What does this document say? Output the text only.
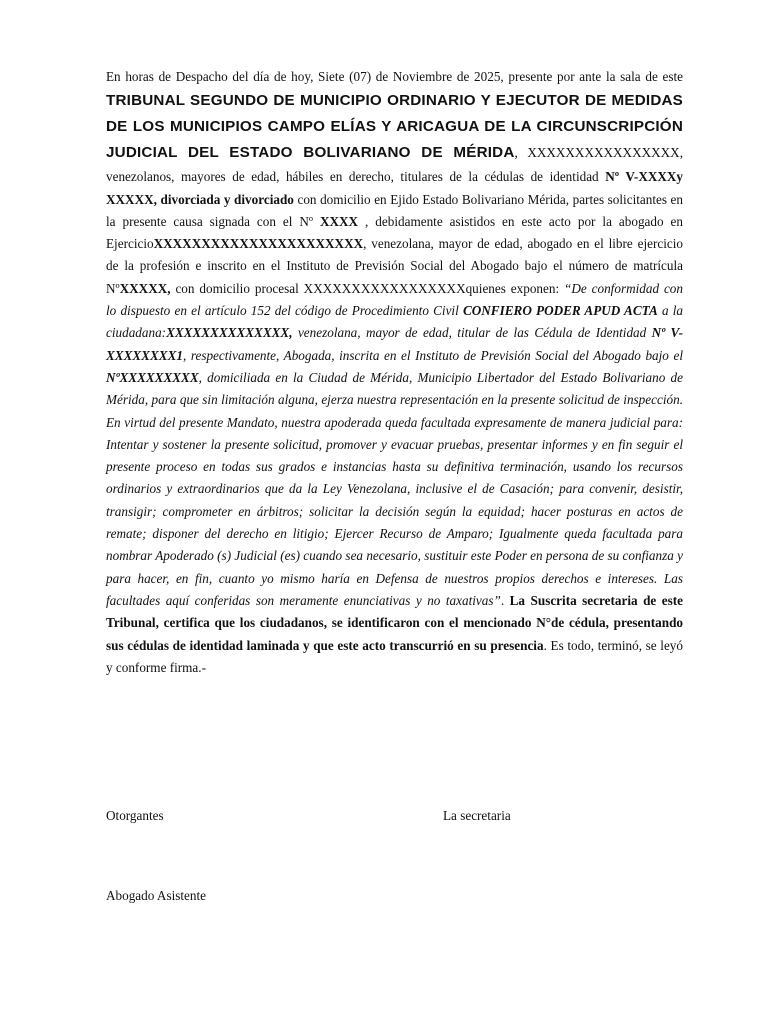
En horas de Despacho del día de hoy, Siete (07) de Noviembre de 2025, presente por ante la sala de este TRIBUNAL SEGUNDO DE MUNICIPIO ORDINARIO Y EJECUTOR DE MEDIDAS DE LOS MUNICIPIOS CAMPO ELÍAS Y ARICAGUA DE LA CIRCUNSCRIPCIÓN JUDICIAL DEL ESTADO BOLIVARIANO DE MÉRIDA, XXXXXXXXXXXXXXXX, venezolanos, mayores de edad, hábiles en derecho, titulares de la cédulas de identidad Nº V-XXXXy XXXXX, divorciada y divorciado con domicilio en Ejido Estado Bolivariano Mérida, partes solicitantes en la presente causa signada con el Nº XXXX , debidamente asistidos en este acto por la abogado en EjercicioXXXXXXXXXXXXXXXXXXXXXX, venezolana, mayor de edad, abogado en el libre ejercicio de la profesión e inscrito en el Instituto de Previsión Social del Abogado bajo el número de matrícula NºXXXXX, con domicilio procesal XXXXXXXXXXXXXXXXXquienes exponen: “De conformidad con lo dispuesto en el artículo 152 del código de Procedimiento Civil CONFIERO PODER APUD ACTA a la ciudadana:XXXXXXXXXXXXXX, venezolana, mayor de edad, titular de las Cédula de Identidad Nº V-XXXXXXXX1, respectivamente, Abogada, inscrita en el Instituto de Previsión Social del Abogado bajo el NºXXXXXXXXX, domiciliada en la Ciudad de Mérida, Municipio Libertador del Estado Bolivariano de Mérida, para que sin limitación alguna, ejerza nuestra representación en la presente solicitud de inspección. En virtud del presente Mandato, nuestra apoderada queda facultada expresamente de manera judicial para: Intentar y sostener la presente solicitud, promover y evacuar pruebas, presentar informes y en fin seguir el presente proceso en todas sus grados e instancias hasta su definitiva terminación, usando los recursos ordinarios y extraordinarios que da la Ley Venezolana, inclusive el de Casación; para convenir, desistir, transigir; comprometer en árbitros; solicitar la decisión según la equidad; hacer posturas en actos de remate; disponer del derecho en litigio; Ejercer Recurso de Amparo; Igualmente queda facultada para nombrar Apoderado (s) Judicial (es) cuando sea necesario, sustituir este Poder en persona de su confianza y para hacer, en fin, cuanto yo mismo haría en Defensa de nuestros propios derechos e intereses. Las facultades aquí conferidas son meramente enunciativas y no taxativas”. La Suscrita secretaria de este Tribunal, certifica que los ciudadanos, se identificaron con el mencionado N°de cédula, presentando sus cédulas de identidad laminada y que este acto transcurrió en su presencia. Es todo, terminó, se leyó y conforme firma.-

Otorgantes	La secretaria
Abogado Asistente
